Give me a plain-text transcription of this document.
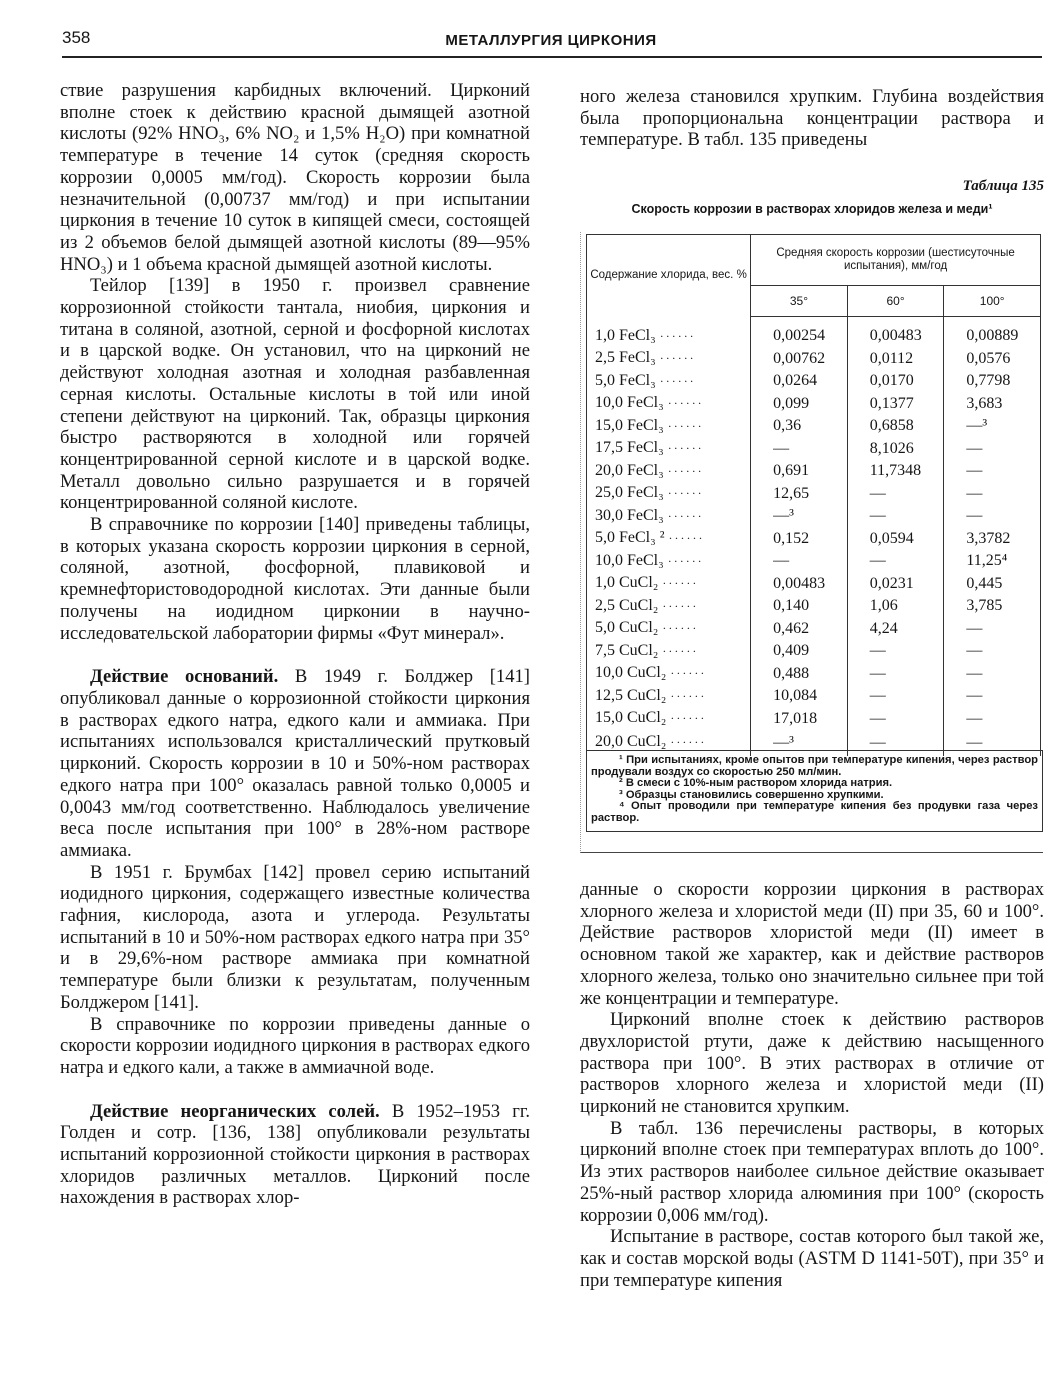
358	МЕТАЛЛУРГИЯ ЦИРКОНИЯ

ствие разрушения карбидных включений. Цирконий вполне стоек к действию красной дымящей азотной кислоты (92% HNO₃, 6% NO₂ и 1,5% H₂O) при комнатной температуре в течение 14 суток (средняя скорость коррозии 0,0005 мм/год). Скорость коррозии была незначительной (0,00737 мм/год) и при испытании циркония в течение 10 суток в кипящей смеси, состоящей из 2 объемов белой дымящей азотной кислоты (89—95% HNO₃) и 1 объема красной дымящей азотной кислоты.

Тейлор [139] в 1950 г. произвел сравнение коррозионной стойкости тантала, ниобия, циркония и титана в соляной, азотной, серной и фосфорной кислотах и в царской водке. Он установил, что на цирконий не действуют холодная азотная и холодная разбавленная серная кислоты. Остальные кислоты в той или иной степени действуют на цирконий. Так, образцы циркония быстро растворяются в холодной или горячей концентрированной серной кислоте и в царской водке. Металл довольно сильно разрушается и в горячей концентрированной соляной кислоте.

В справочнике по коррозии [140] приведены таблицы, в которых указана скорость коррозии циркония в серной, соляной, азотной, фосфорной, плавиковой и кремнефтористоводородной кислотах. Эти данные были получены на иодидном цирконии в научно-исследовательской лаборатории фирмы «Фут минерал».

Действие оснований. В 1949 г. Болджер [141] опубликовал данные о коррозионной стойкости циркония в растворах едкого натра, едкого кали и аммиака. При испытаниях использовался кристаллический прутковый цирконий. Скорость коррозии в 10 и 50%-ном растворах едкого натра при 100° оказалась равной только 0,0005 и 0,0043 мм/год соответственно. Наблюдалось увеличение веса после испытания при 100° в 28%-ном растворе аммиака.

В 1951 г. Брумбах [142] провел серию испытаний иодидного циркония, содержащего известные количества гафния, кислорода, азота и углерода. Результаты испытаний в 10 и 50%-ном растворах едкого натра при 35° и в 29,6%-ном растворе аммиака при комнатной температуре были близки к результатам, полученным Болджером [141].

В справочнике по коррозии приведены данные о скорости коррозии иодидного циркония в растворах едкого натра и едкого кали, а также в аммиачной воде.

Действие неорганических солей. В 1952–1953 гг. Голден и сотр. [136, 138] опубликовали результаты испытаний коррозионной стойкости циркония в растворах хлоридов различных металлов. Цирконий после нахождения в растворах хлор-

ного железа становился хрупким. Глубина воздействия была пропорциональна концентрации раствора и температуре. В табл. 135 приведены

Таблица 135
Скорость коррозии в растворах хлоридов железа и меди¹
Содержание хлорида, вес. %	Средняя скорость коррозии (шестисуточные испытания), мм/год		
	35°	60°	100°
1,0 FeCl₃ ······	0,00254	0,00483	0,00889
2,5 FeCl₃ ······	0,00762	0,0112	0,0576
5,0 FeCl₃ ······	0,0264	0,0170	0,7798
10,0 FeCl₃ ······	0,099	0,1377	3,683
15,0 FeCl₃ ······	0,36	0,6858	—³
17,5 FeCl₃ ······	—	8,1026	—
20,0 FeCl₃ ······	0,691	11,7348	—
25,0 FeCl₃ ······	12,65	—	—
30,0 FeCl₃ ······	—³	—	—
5,0 FeCl₃ ² ······	0,152	0,0594	3,3782
10,0 FeCl₃ ······	—	—	11,25⁴
1,0 CuCl₂ ······	0,00483	0,0231	0,445
2,5 CuCl₂ ······	0,140	1,06	3,785
5,0 CuCl₂ ······	0,462	4,24	—
7,5 CuCl₂ ······	0,409	—	—
10,0 CuCl₂ ······	0,488	—	—
12,5 CuCl₂ ······	10,084	—	—
15,0 CuCl₂ ······	17,018	—	—
20,0 CuCl₂ ······	—³	—	—

¹ При испытаниях, кроме опытов при температуре кипения, через раствор продували воздух со скоростью 250 мл/мин.

² В смеси с 10%-ным раствором хлорида натрия.

³ Образцы становились совершенно хрупкими.

⁴ Опыт проводили при температуре кипения без продувки газа через раствор.

данные о скорости коррозии циркония в растворах хлорного железа и хлористой меди (II) при 35, 60 и 100°. Действие растворов хлористой меди (II) имеет в основном такой же характер, как и действие растворов хлорного железа, только оно значительно сильнее при той же концентрации и температуре.

Цирконий вполне стоек к действию растворов двухлористой ртути, даже к действию насыщенного раствора при 100°. В этих растворах в отличие от растворов хлорного железа и хлористой меди (II) цирконий не становится хрупким.

В табл. 136 перечислены растворы, в которых цирконий вполне стоек при температурах вплоть до 100°. Из этих растворов наиболее сильное действие оказывает 25%-ный раствор хлорида алюминия при 100° (скорость коррозии 0,006 мм/год).

Испытание в растворе, состав которого был такой же, как и состав морской воды (ASTM D 1141-50T), при 35° и при температуре кипения
